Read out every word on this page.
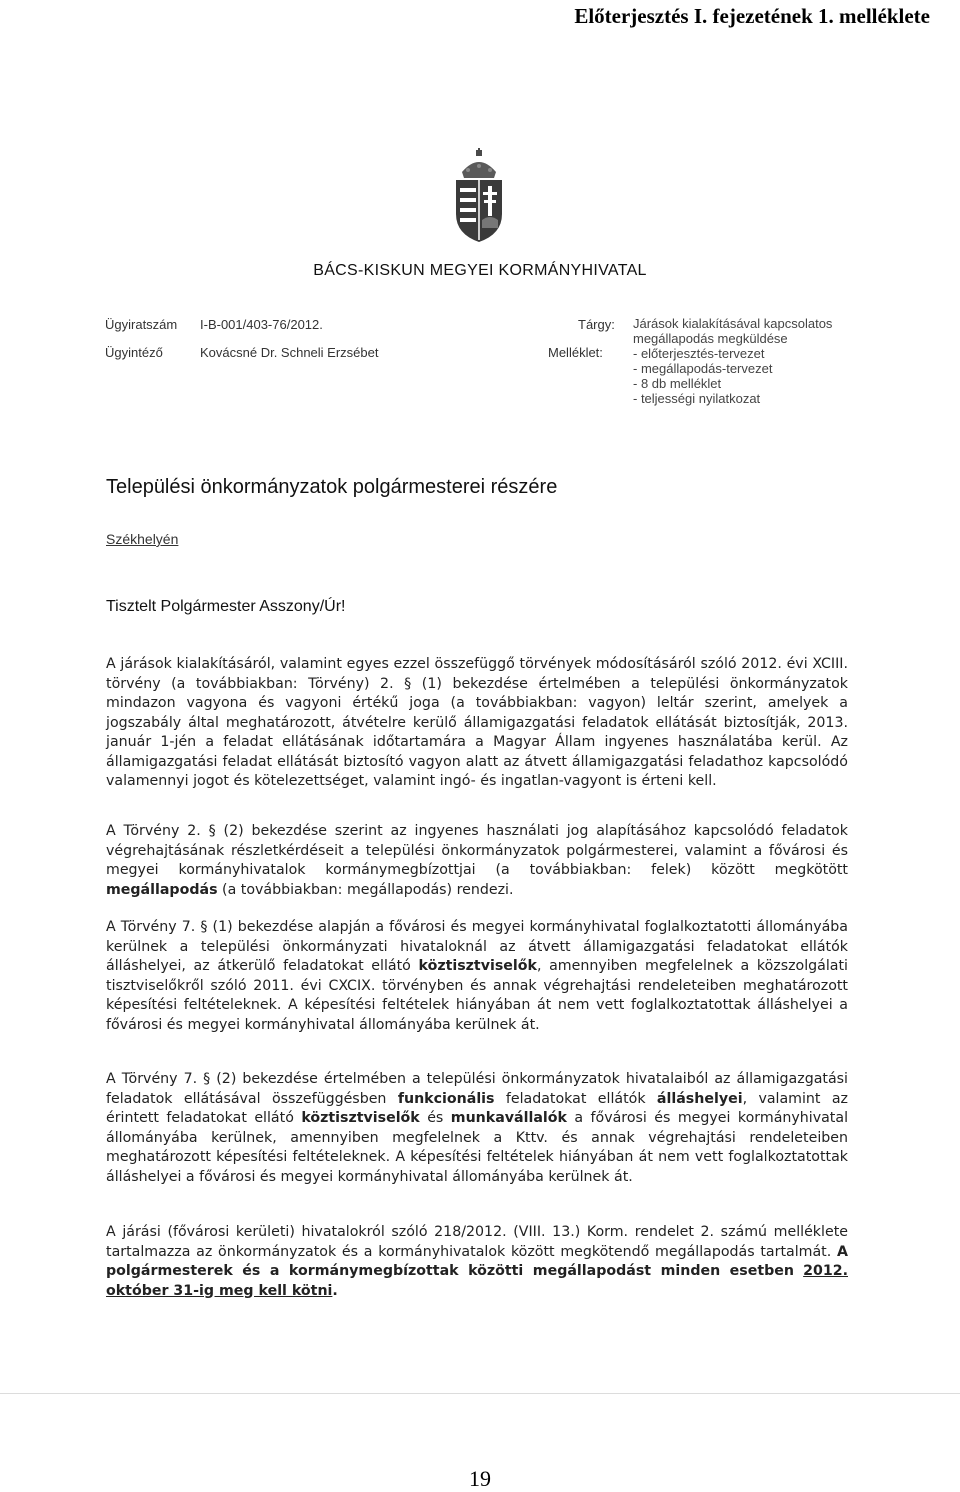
Előterjesztés I. fejezetének 1. melléklete
BÁCS-KISKUN MEGYEI KORMÁNYHIVATAL
Ügyiratszám I-B-001/403-76/2012.
Ügyintéző	Kovácsné Dr. Schneli Erzsébet
Tárgy:
Melléklet:
Járások kialakításával kapcsolatos
megállapodás megküldése
- előterjesztés-tervezet
- megállapodás-tervezet
- 8 db melléklet
- teljességi nyilatkozat
Települési önkormányzatok polgármesterei részére
Székhelyén
Tisztelt Polgármester Asszony/Úr!
A járások kialakításáról, valamint egyes ezzel összefüggő törvények módosításáról szóló 2012. évi XCIII. törvény (a továbbiakban: Törvény) 2. § (1) bekezdése értelmében a települési önkormányzatok mindazon vagyona és vagyoni értékű joga (a továbbiakban: vagyon) leltár szerint, amelyek a jogszabály által meghatározott, átvételre kerülő államigazgatási feladatok ellátását biztosítják, 2013. január 1-jén a feladat ellátásának időtartamára a Magyar Állam ingyenes használatába kerül. Az államigazgatási feladat ellátását biztosító vagyon alatt az átvett államigazgatási feladathoz kapcsolódó valamennyi jogot és kötelezettséget, valamint ingó- és ingatlan-vagyont is érteni kell.
A Törvény 2. § (2) bekezdése szerint az ingyenes használati jog alapításához kapcsolódó feladatok végrehajtásának részletkérdéseit a települési önkormányzatok polgármesterei, valamint a fővárosi és megyei kormányhivatalok kormánymegbízottjai (a továbbiakban: felek) között megkötött megállapodás (a továbbiakban: megállapodás) rendezi.
A Törvény 7. § (1) bekezdése alapján a fővárosi és megyei kormányhivatal foglalkoztatotti állományába kerülnek a települési önkormányzati hivataloknál az átvett államigazgatási feladatokat ellátók álláshelyei, az átkerülő feladatokat ellátó köztisztviselők, amennyiben megfelelnek a közszolgálati tisztviselőkről szóló 2011. évi CXCIX. törvényben és annak végrehajtási rendeleteiben meghatározott képesítési feltételeknek. A képesítési feltételek hiányában át nem vett foglalkoztatottak álláshelyei a fővárosi és megyei kormányhivatal állományába kerülnek át.
A Törvény 7. § (2) bekezdése értelmében a települési önkormányzatok hivatalaiból az államigazgatási feladatok ellátásával összefüggésben funkcionális feladatokat ellátók álláshelyei, valamint az érintett feladatokat ellátó köztisztviselők és munkavállalók a fővárosi és megyei kormányhivatal állományába kerülnek, amennyiben megfelelnek a Kttv. és annak végrehajtási rendeleteiben meghatározott képesítési feltételeknek. A képesítési feltételek hiányában át nem vett foglalkoztatottak álláshelyei a fővárosi és megyei kormányhivatal állományába kerülnek át.
A járási (fővárosi kerületi) hivatalokról szóló 218/2012. (VIII. 13.) Korm. rendelet 2. számú melléklete tartalmazza az önkormányzatok és a kormányhivatalok között megkötendő megállapodás tartalmát. A polgármesterek és a kormánymegbízottak közötti megállapodást minden esetben 2012. október 31-ig meg kell kötni.
19
